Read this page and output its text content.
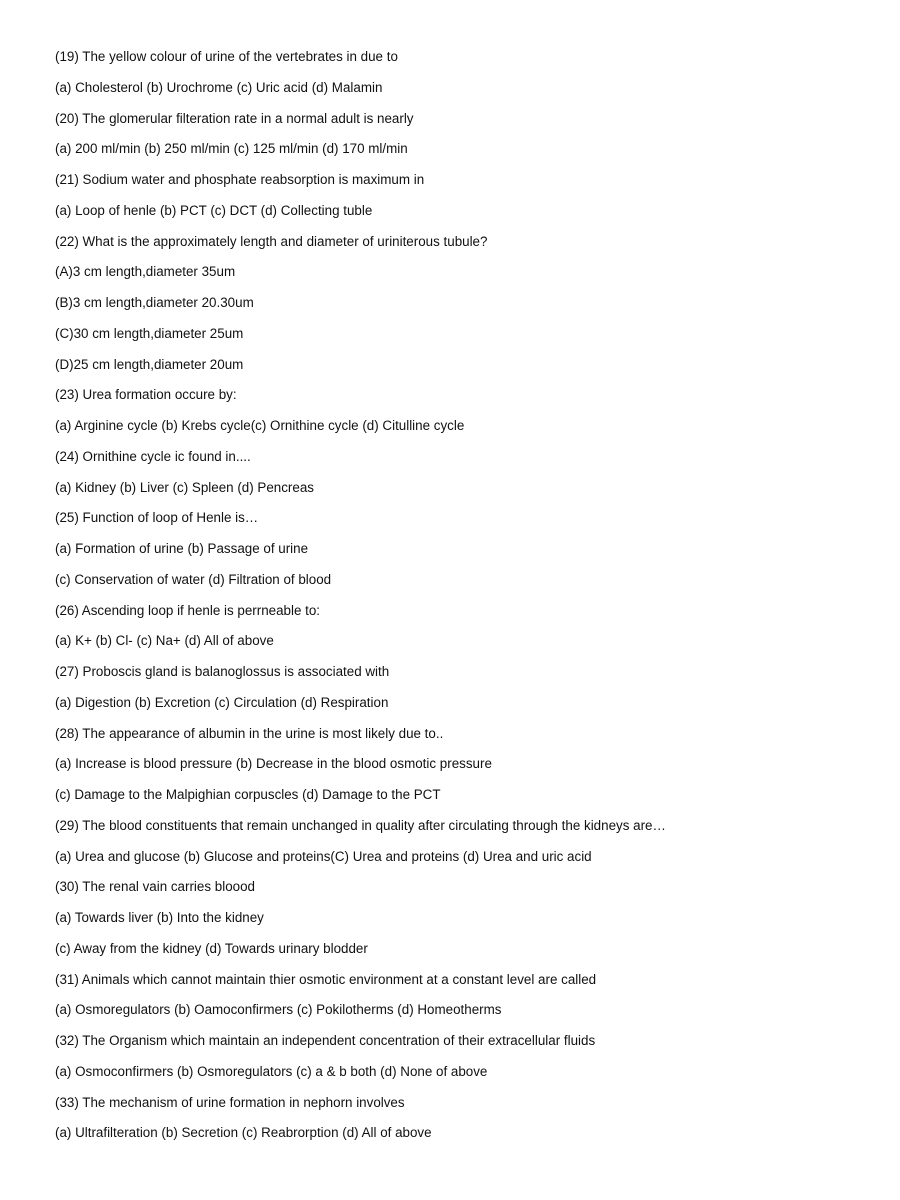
(19) The yellow colour of urine of the vertebrates in due to
(a) Cholesterol (b) Urochrome (c) Uric acid (d) Malamin
(20) The glomerular filteration rate in a normal adult is nearly
(a) 200 ml/min (b) 250 ml/min (c) 125 ml/min (d) 170 ml/min
(21) Sodium water and phosphate reabsorption is maximum in
(a) Loop of henle (b) PCT (c) DCT (d) Collecting tuble
(22) What is the approximately length and diameter of uriniterous tubule?
(A)3 cm length,diameter 35um
(B)3 cm length,diameter 20.30um
(C)30 cm length,diameter 25um
(D)25 cm length,diameter 20um
(23) Urea formation occure by:
(a) Arginine cycle (b) Krebs cycle(c) Ornithine cycle (d) Citulline cycle
(24) Ornithine cycle ic found in....
(a) Kidney (b) Liver (c) Spleen (d) Pencreas
(25) Function of loop of Henle is…
(a) Formation of urine (b) Passage of urine
(c) Conservation of water (d) Filtration of blood
(26) Ascending loop if henle is perrneable to:
(a) K+ (b) Cl- (c) Na+ (d) All of above
(27) Proboscis gland is balanoglossus is associated with
(a) Digestion (b) Excretion (c) Circulation (d) Respiration
(28) The appearance of albumin in the urine is most likely due to..
(a) Increase is blood pressure (b) Decrease in the blood osmotic pressure
(c) Damage to the Malpighian corpuscles (d) Damage to the PCT
(29) The blood constituents that remain unchanged in quality after circulating through the kidneys are…
(a) Urea and glucose (b) Glucose and proteins(C) Urea and proteins (d) Urea and uric acid
(30) The renal vain carries bloood
(a) Towards liver (b) Into the kidney
(c) Away from the kidney (d) Towards urinary blodder
(31) Animals which cannot maintain thier osmotic environment at a constant level are called
(a) Osmoregulators (b) Oamoconfirmers (c) Pokilotherms (d) Homeotherms
(32) The Organism which maintain an independent concentration of their extracellular fluids
(a) Osmoconfirmers (b) Osmoregulators (c) a & b both (d) None of above
(33) The mechanism of urine formation in nephorn involves
(a) Ultrafilteration (b) Secretion (c) Reabrorption (d) All of above
